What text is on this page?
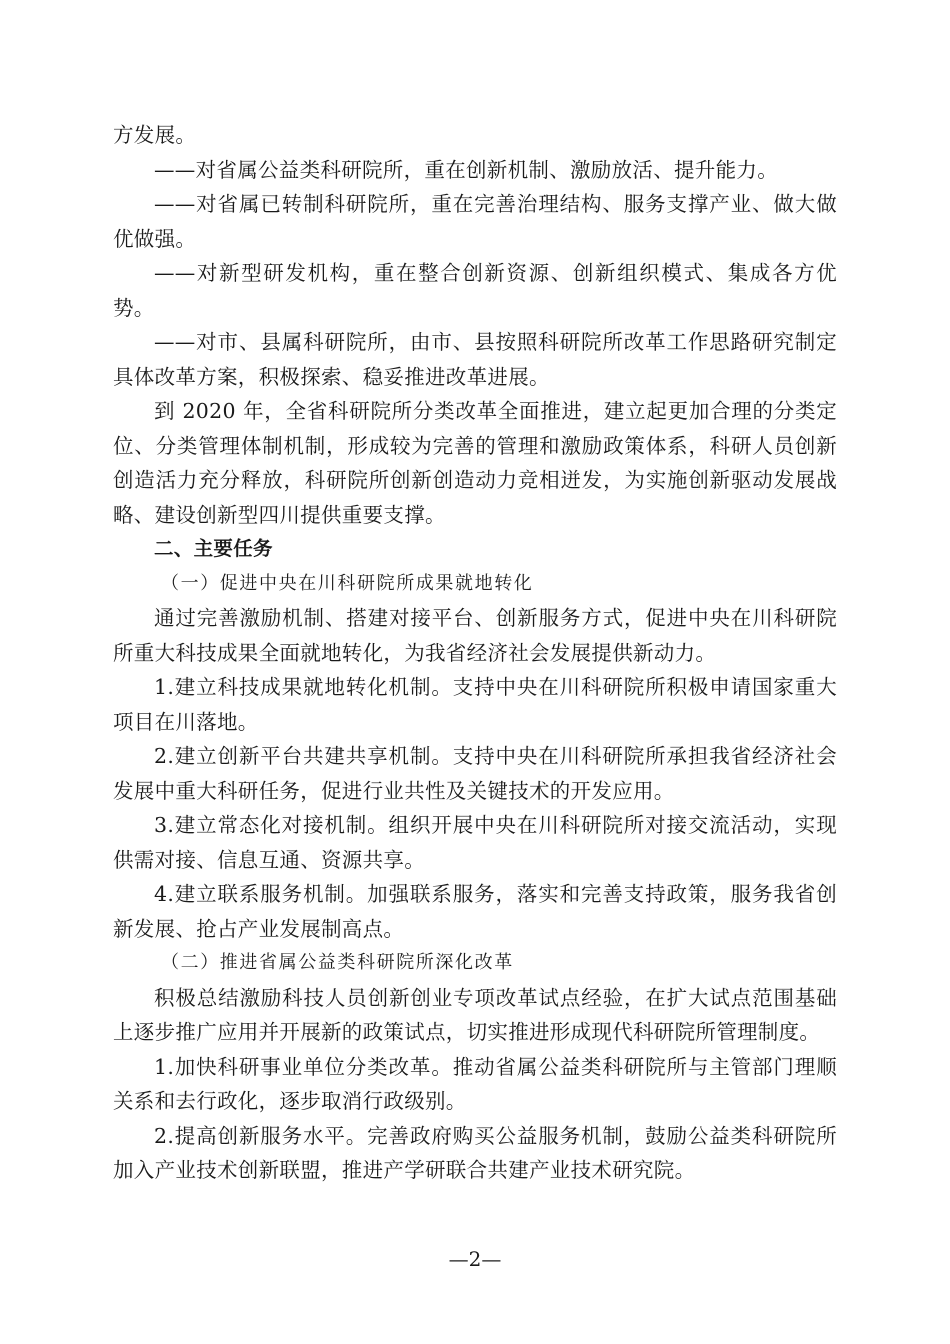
方发展。

——对省属公益类科研院所，重在创新机制、激励放活、提升能力。

——对省属已转制科研院所，重在完善治理结构、服务支撑产业、做大做优做强。

——对新型研发机构，重在整合创新资源、创新组织模式、集成各方优势。

——对市、县属科研院所，由市、县按照科研院所改革工作思路研究制定具体改革方案，积极探索、稳妥推进改革进展。

到 2020 年，全省科研院所分类改革全面推进，建立起更加合理的分类定位、分类管理体制机制，形成较为完善的管理和激励政策体系，科研人员创新创造活力充分释放，科研院所创新创造动力竞相迸发，为实施创新驱动发展战略、建设创新型四川提供重要支撑。

二、主要任务

（一）促进中央在川科研院所成果就地转化

通过完善激励机制、搭建对接平台、创新服务方式，促进中央在川科研院所重大科技成果全面就地转化，为我省经济社会发展提供新动力。

1.建立科技成果就地转化机制。支持中央在川科研院所积极申请国家重大项目在川落地。

2.建立创新平台共建共享机制。支持中央在川科研院所承担我省经济社会发展中重大科研任务，促进行业共性及关键技术的开发应用。

3.建立常态化对接机制。组织开展中央在川科研院所对接交流活动，实现供需对接、信息互通、资源共享。

4.建立联系服务机制。加强联系服务，落实和完善支持政策，服务我省创新发展、抢占产业发展制高点。

（二）推进省属公益类科研院所深化改革

积极总结激励科技人员创新创业专项改革试点经验，在扩大试点范围基础上逐步推广应用并开展新的政策试点，切实推进形成现代科研院所管理制度。

1.加快科研事业单位分类改革。推动省属公益类科研院所与主管部门理顺关系和去行政化，逐步取消行政级别。

2.提高创新服务水平。完善政府购买公益服务机制，鼓励公益类科研院所加入产业技术创新联盟，推进产学研联合共建产业技术研究院。

—2—
